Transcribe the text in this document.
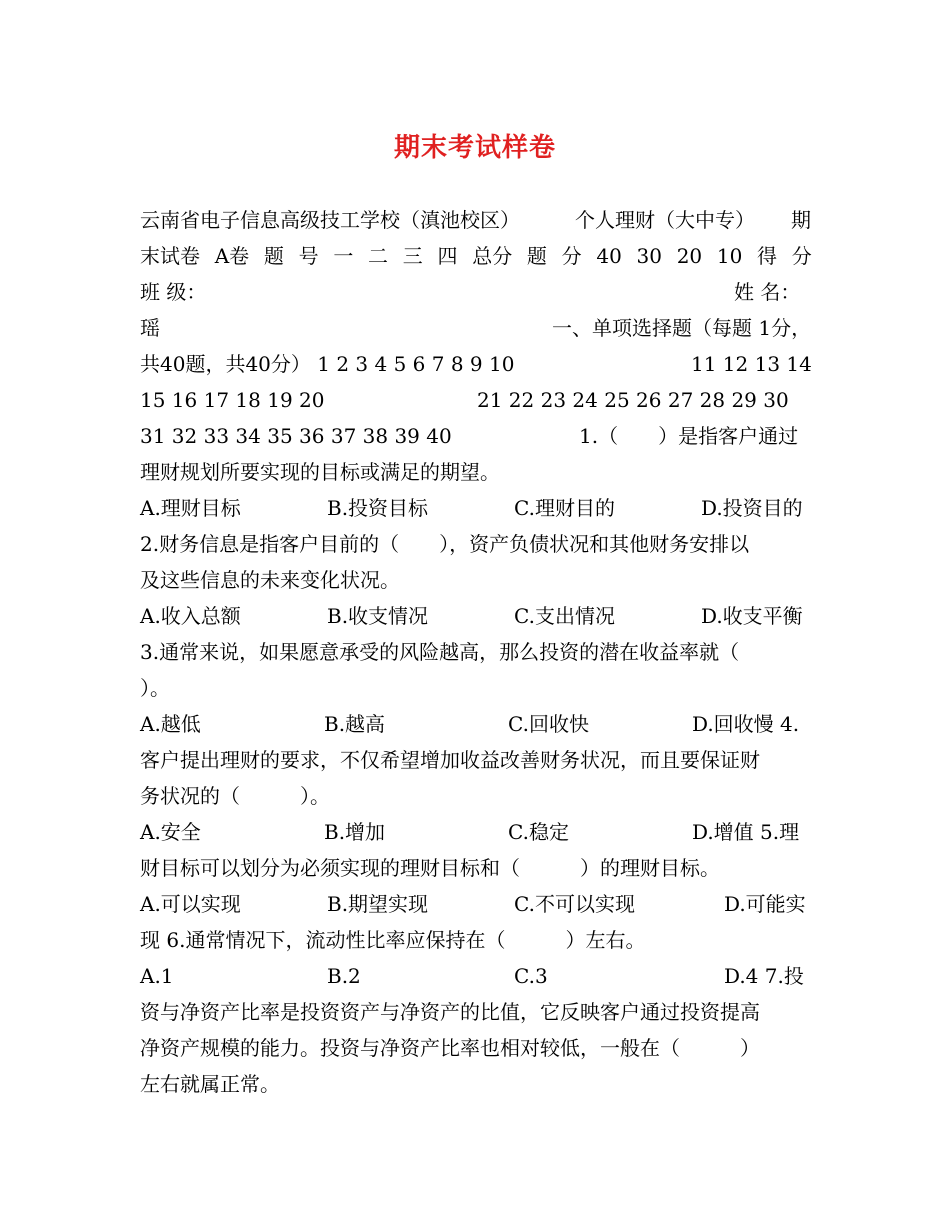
期末考试样卷
云南省电子信息高级技工学校（滇池校区）	个人理财（大中专） 期
末试卷 A卷 题 号 一 二 三 四 总分 题 分 40 30 20 10 得 分
班 级：	姓 名：
瑶	一、单项选择题（每题 1分，
共40题，共40分） 1 2 3 4 5 6 7 8 9 10	11 12 13 14
15 16 17 18 19 20	21 22 23 24 25 26 27 28 29 30
31 32 33 34 35 36 37 38 39 40	1.（　　）是指客户通过
理财规划所要实现的目标或满足的期望。
A.理财目标	B.投资目标	C.理财目的	D.投资目的
2.财务信息是指客户目前的（　　），资产负债状况和其他财务安排以
及这些信息的未来变化状况。
A.收入总额	B.收支情况	C.支出情况	D.收支平衡
3.通常来说，如果愿意承受的风险越高，那么投资的潜在收益率就（
）。
A.越低	B.越高	C.回收快	D.回收慢 4.
客户提出理财的要求，不仅希望增加收益改善财务状况，而且要保证财
务状况的（　　　）。
A.安全	B.增加	C.稳定	D.增值 5.理
财目标可以划分为必须实现的理财目标和（　　　）的理财目标。
A.可以实现	B.期望实现	C.不可以实现	D.可能实
现 6.通常情况下，流动性比率应保持在（　　　）左右。
A.1	B.2	C.3	D.4 7.投
资与净资产比率是投资资产与净资产的比值，它反映客户通过投资提高
净资产规模的能力。投资与净资产比率也相对较低，一般在（　　　）
左右就属正常。
